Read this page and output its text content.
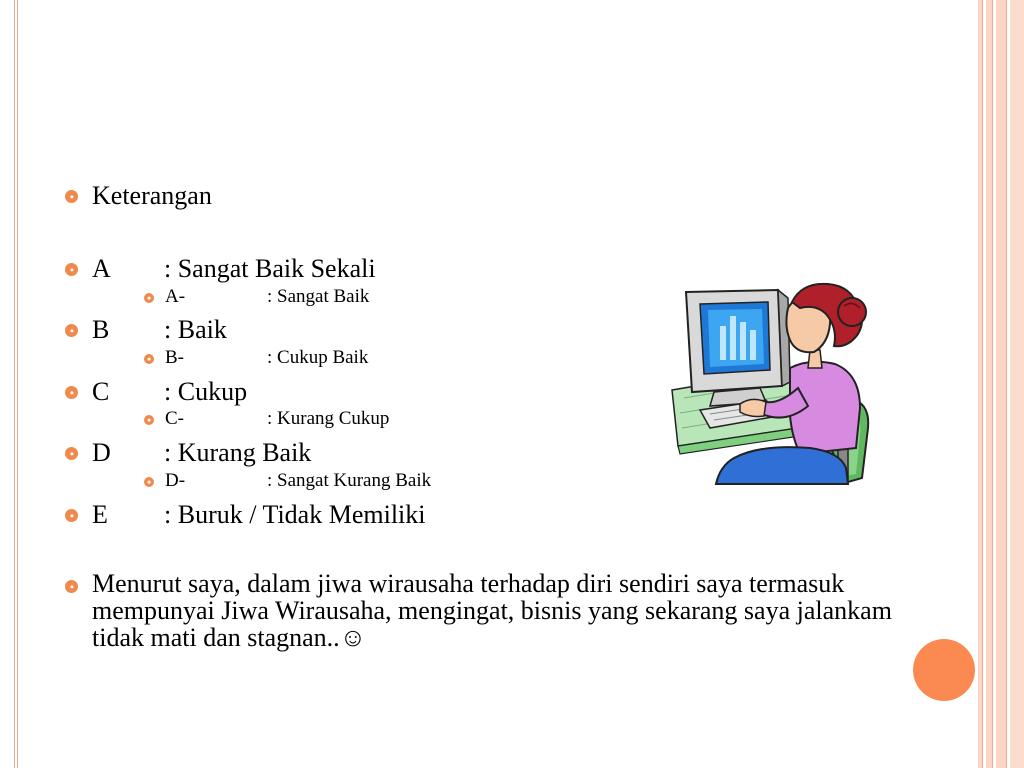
Keterangan
A	: Sangat Baik Sekali
A-	: Sangat Baik
B	: Baik
B-	: Cukup Baik
C	: Cukup
C-	: Kurang Cukup
D	: Kurang Baik
D-	: Sangat Kurang Baik
E	: Buruk / Tidak Memiliki
Menurut saya, dalam jiwa wirausaha terhadap diri sendiri saya termasuk mempunyai Jiwa Wirausaha, mengingat, bisnis yang sekarang saya jalankam tidak mati dan stagnan..☺
